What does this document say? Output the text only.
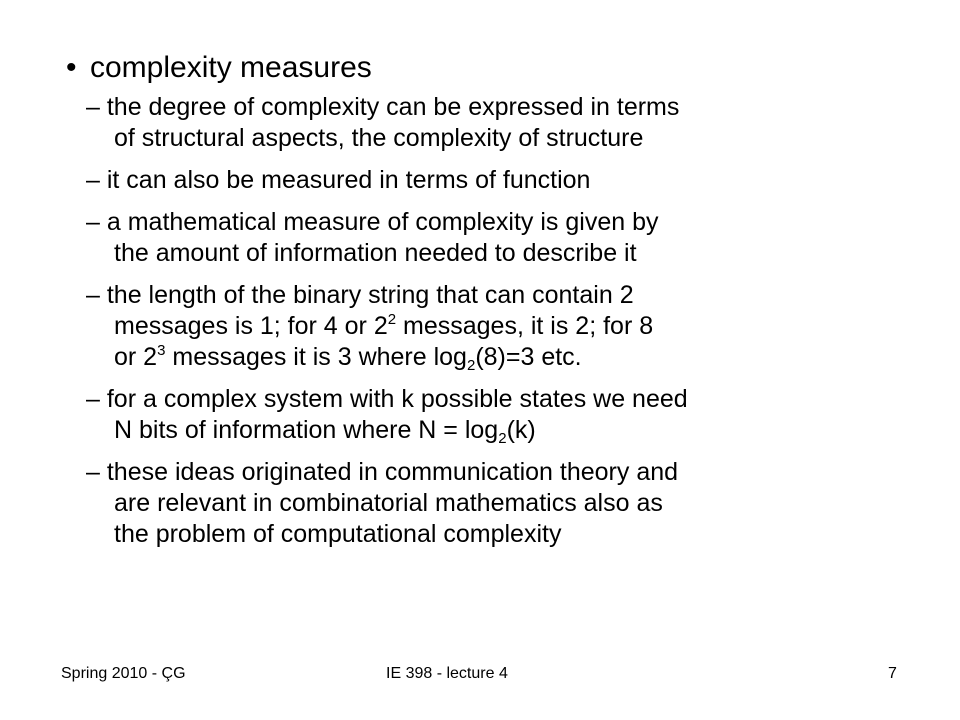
• complexity measures
– the degree of complexity can be expressed in terms
of structural aspects, the complexity of structure
– it can also be measured in terms of function
– a mathematical measure of complexity is given by
the amount of information needed to describe it
– the length of the binary string that can contain 2
messages is 1; for 4 or $2^2$ messages, it is 2; for 8
or $2^3$ messages it is 3 where $\log_2(8)=3$ etc.
– for a complex system with k possible states we need
N bits of information where $N = \log_2(k)$
– these ideas originated in communication theory and
are relevant in combinatorial mathematics also as
the problem of computational complexity
Spring 2010 - ÇG	IE 398 - lecture 4	7
